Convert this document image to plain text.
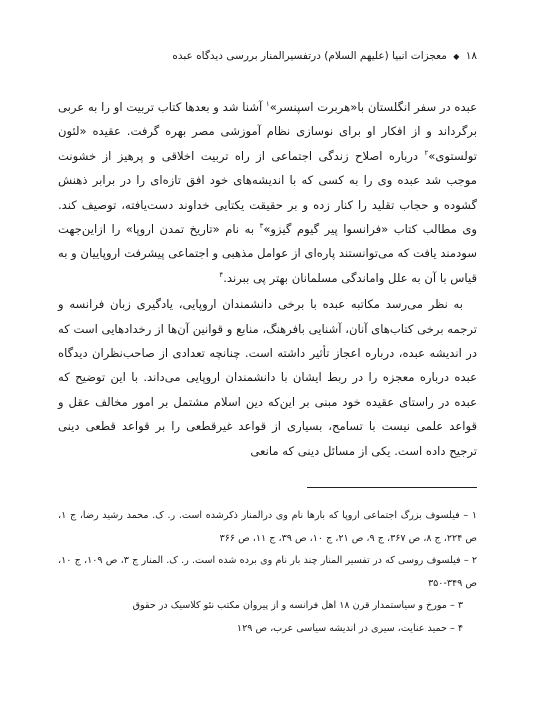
۱۸ ◆ معجزات انبیا (علیهم السلام) درتفسیرالمنار بررسی دیدگاه عبده

عبده در سفر انگلستان با«هربرت اسپنسر»$^۱$ آشنا شد و بعدها کتاب تربیت او را به عربی برگرداند و از افکار او برای نوسازی نظام آموزشی مصر بهره گرفت. عقیده «لئون تولستوی»$^۲$ درباره اصلاح زندگی اجتماعی از راه تربیت اخلاقی و پرهیز از خشونت موجب شد عبده وی را به کسی که با اندیشه‌های خود افق تازه‌ای را در برابر ذهنش گشوده و حجاب تقلید را کنار زده و بر حقیقت یکتایی خداوند دست‌یافته، توصیف کند. وی مطالب کتاب «فرانسوا پیر گیوم گیزو»$^۳$ به نام «تاریخ تمدن اروپا» را ازاین‌جهت سودمند یافت که می‌توانستند پاره‌ای از عوامل مذهبی و اجتماعی پیشرفت اروپاییان و به قیاس با آن به علل واماندگی مسلمانان بهتر پی ببرند.$^۴$

به نظر می‌رسد مکاتبه عبده با برخی دانشمندان اروپایی، یادگیری زبان فرانسه و ترجمه برخی کتاب‌های آنان، آشنایی بافرهنگ، منابع و قوانین آن‌ها از رخدادهایی است که در اندیشه عبده، درباره اعجاز تأثیر داشته است. چنانچه تعدادی از صاحب‌نظران دیدگاه عبده درباره معجزه را در ربط ایشان با دانشمندان اروپایی می‌داند. با این توضیح که عبده در راستای عقیده خود مبنی بر این‌که دین اسلام مشتمل بر امور مخالف عقل و قواعد علمی نیست با تسامح، بسیاری از قواعد غیرقطعی را بر قواعد قطعی دینی ترجیح داده است. یکی از مسائل دینی که مانعی

۱ – فیلسوف بزرگ اجتماعی اروپا که بارها نام وی درالمنار ذکرشده است. ر. ک. محمد رشید رضا، ج ۱، ص ۲۲۴، ج ۸، ص ۳۶۷، ج ۹، ص ۲۱، ج ۱۰، ص ۳۹، ج ۱۱، ص ۳۶۶

۲ – فیلسوف روسی که در تفسیر المنار چند بار نام وی برده شده است. ر. ک. المنار ج ۳، ص ۱۰۹، ج ۱۰، ص ۳۴۹-۳۵۰

۳ – مورخ و سیاستمدار قرن ۱۸ اهل فرانسه و از پیروان مکتب نئو کلاسیک در حقوق

۴ – حمید عنایت، سیری در اندیشه سیاسی عرب، ص ۱۲۹
